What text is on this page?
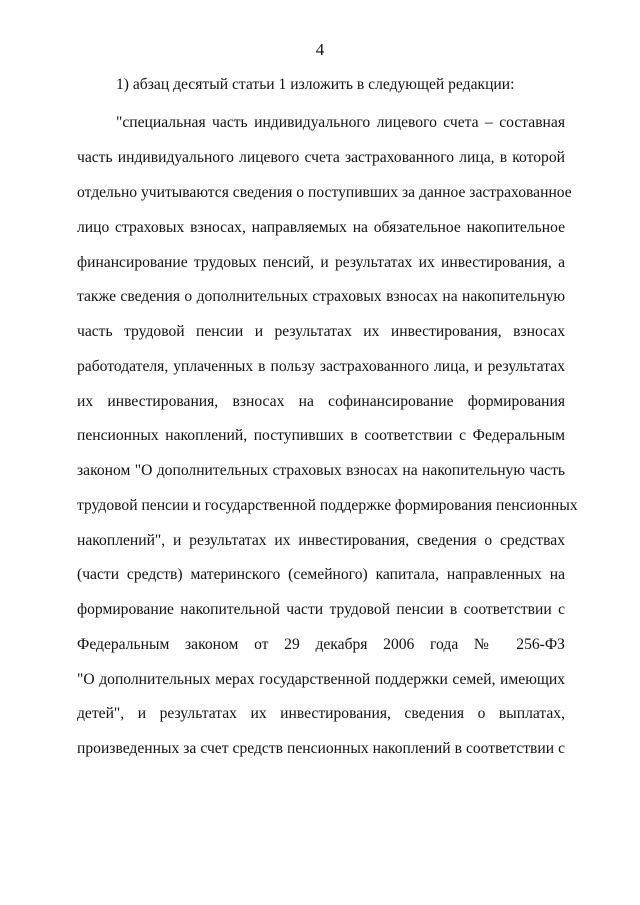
4
1) абзац десятый статьи 1 изложить в следующей редакции:
"специальная часть индивидуального лицевого счета – составная
часть индивидуального лицевого счета застрахованного лица, в которой
отдельно учитываются сведения о поступивших за данное застрахованное
лицо страховых взносах, направляемых на обязательное накопительное
финансирование трудовых пенсий, и результатах их инвестирования, а
также сведения о дополнительных страховых взносах на накопительную
часть трудовой пенсии и результатах их инвестирования, взносах
работодателя, уплаченных в пользу застрахованного лица, и результатах
их инвестирования, взносах на софинансирование формирования
пенсионных накоплений, поступивших в соответствии с Федеральным
законом "О дополнительных страховых взносах на накопительную часть
трудовой пенсии и государственной поддержке формирования пенсионных
накоплений", и результатах их инвестирования, сведения о средствах
(части средств) материнского (семейного) капитала, направленных на
формирование накопительной части трудовой пенсии в соответствии с
Федеральным законом от 29 декабря 2006 года № 256-ФЗ
"О дополнительных мерах государственной поддержки семей, имеющих
детей", и результатах их инвестирования, сведения о выплатах,
произведенных за счет средств пенсионных накоплений в соответствии с
